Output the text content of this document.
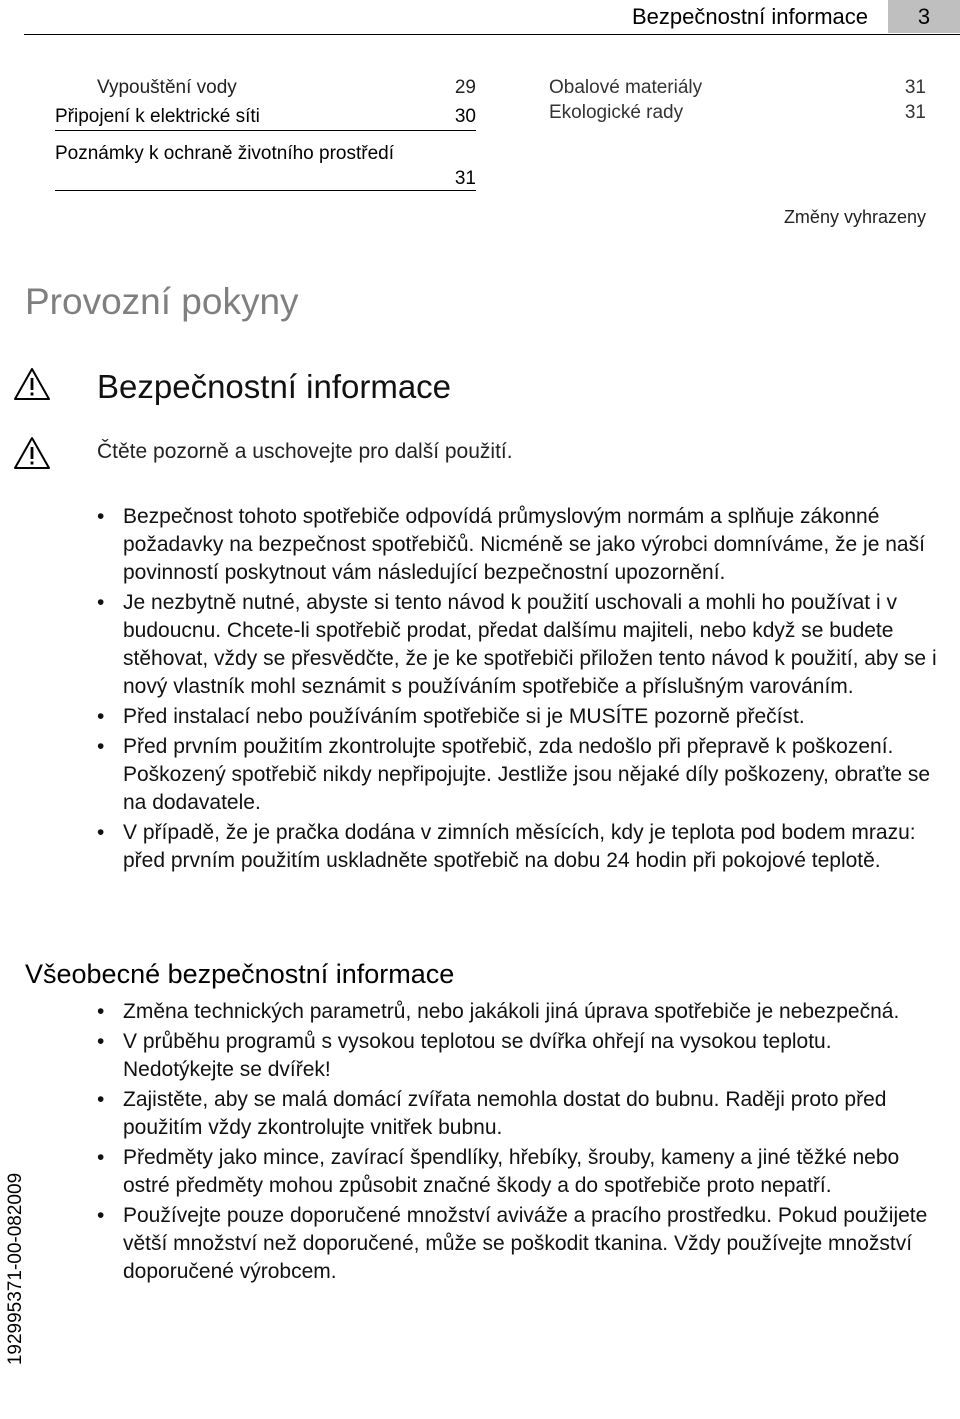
Bezpečnostní informace	3
Vypouštění vody	29
Připojení k elektrické síti	30
Poznámky k ochraně životního prostředí
31
Obalové materiály	31
Ekologické rady	31
Změny vyhrazeny
Provozní pokyny
Bezpečnostní informace
Čtěte pozorně a uschovejte pro další použití.
• Bezpečnost tohoto spotřebiče odpovídá průmyslovým normám a splňuje zákonné požadavky na bezpečnost spotřebičů. Nicméně se jako výrobci domníváme, že je naší povinností poskytnout vám následující bezpečnostní upozornění.
• Je nezbytně nutné, abyste si tento návod k použití uschovali a mohli ho používat i v budoucnu. Chcete-li spotřebič prodat, předat dalšímu majiteli, nebo když se budete stěhovat, vždy se přesvědčte, že je ke spotřebiči přiložen tento návod k použití, aby se i nový vlastník mohl seznámit s používáním spotřebiče a příslušným varováním.
• Před instalací nebo používáním spotřebiče si je MUSÍTE pozorně přečíst.
• Před prvním použitím zkontrolujte spotřebič, zda nedošlo při přepravě k poškození. Poškozený spotřebič nikdy nepřipojujte. Jestliže jsou nějaké díly poškozeny, obraťte se na dodavatele.
• V případě, že je pračka dodána v zimních měsících, kdy je teplota pod bodem mrazu: před prvním použitím uskladněte spotřebič na dobu 24 hodin při pokojové teplotě.
Všeobecné bezpečnostní informace
• Změna technických parametrů, nebo jakákoli jiná úprava spotřebiče je nebezpečná.
• V průběhu programů s vysokou teplotou se dvířka ohřejí na vysokou teplotu. Nedotýkejte se dvířek!
• Zajistěte, aby se malá domácí zvířata nemohla dostat do bubnu. Raději proto před použitím vždy zkontrolujte vnitřek bubnu.
• Předměty jako mince, zavírací špendlíky, hřebíky, šrouby, kameny a jiné těžké nebo ostré předměty mohou způsobit značné škody a do spotřebiče proto nepatří.
• Používejte pouze doporučené množství aviváže a pracího prostředku. Pokud použijete větší množství než doporučené, může se poškodit tkanina. Vždy používejte množství doporučené výrobcem.
192995371-00-082009
